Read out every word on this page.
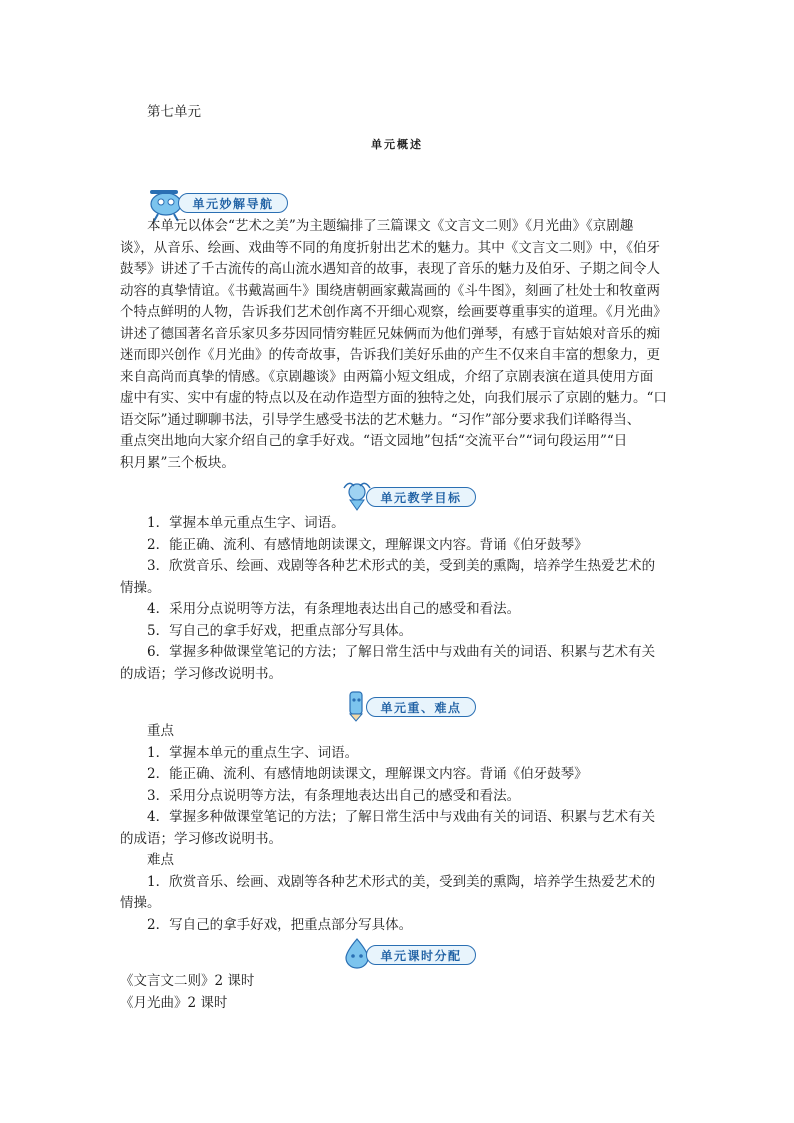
第七单元
单元概述
单元妙解导航

本单元以体会“艺术之美”为主题编排了三篇课文《文言文二则》《月光曲》《京剧趣

谈》，从音乐、绘画、戏曲等不同的角度折射出艺术的魅力。其中《文言文二则》中，《伯牙

鼓琴》讲述了千古流传的高山流水遇知音的故事，表现了音乐的魅力及伯牙、子期之间令人

动容的真挚情谊。《书戴嵩画牛》围绕唐朝画家戴嵩画的《斗牛图》，刻画了杜处士和牧童两

个特点鲜明的人物，告诉我们艺术创作离不开细心观察，绘画要尊重事实的道理。《月光曲》

讲述了德国著名音乐家贝多芬因同情穷鞋匠兄妹俩而为他们弹琴，有感于盲姑娘对音乐的痴

迷而即兴创作《月光曲》的传奇故事，告诉我们美好乐曲的产生不仅来自丰富的想象力，更

来自高尚而真挚的情感。《京剧趣谈》由两篇小短文组成，介绍了京剧表演在道具使用方面

虚中有实、实中有虚的特点以及在动作造型方面的独特之处，向我们展示了京剧的魅力。“口

语交际”通过聊聊书法，引导学生感受书法的艺术魅力。“习作”部分要求我们详略得当、

重点突出地向大家介绍自己的拿手好戏。“语文园地”包括“交流平台”“词句段运用”“日

积月累”三个板块。

单元教学目标

1．掌握本单元重点生字、词语。

2．能正确、流利、有感情地朗读课文，理解课文内容。背诵《伯牙鼓琴》

3．欣赏音乐、绘画、戏剧等各种艺术形式的美，受到美的熏陶，培养学生热爱艺术的

情操。

4．采用分点说明等方法，有条理地表达出自己的感受和看法。

5．写自己的拿手好戏，把重点部分写具体。

6．掌握多种做课堂笔记的方法；了解日常生活中与戏曲有关的词语、积累与艺术有关

的成语；学习修改说明书。

单元重、难点

重点

1．掌握本单元的重点生字、词语。

2．能正确、流利、有感情地朗读课文，理解课文内容。背诵《伯牙鼓琴》

3．采用分点说明等方法，有条理地表达出自己的感受和看法。

4．掌握多种做课堂笔记的方法；了解日常生活中与戏曲有关的词语、积累与艺术有关

的成语；学习修改说明书。

难点

1．欣赏音乐、绘画、戏剧等各种艺术形式的美，受到美的熏陶，培养学生热爱艺术的

情操。

2．写自己的拿手好戏，把重点部分写具体。

单元课时分配

《文言文二则》2 课时

《月光曲》2 课时
